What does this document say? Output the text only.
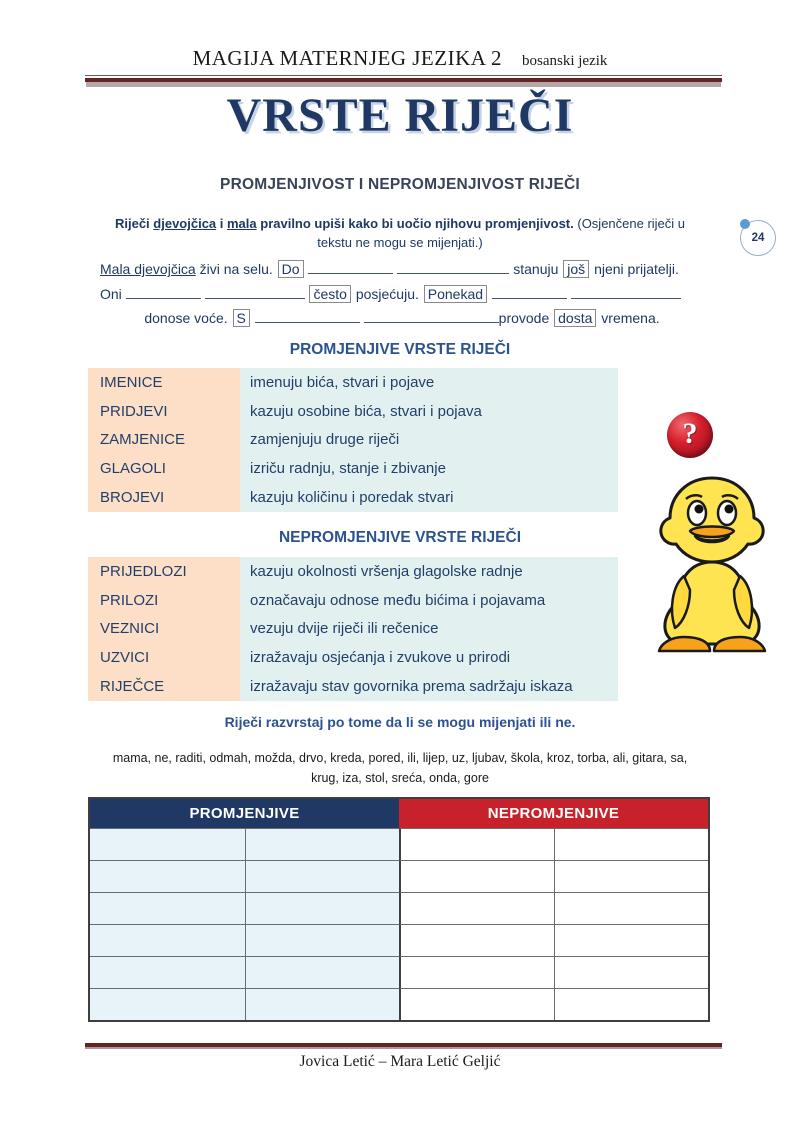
MAGIJA MATERNJEG JEZIKA 2 bosanski jezik
VRSTE RIJEČI
PROMJENJIVOST I NEPROMJENJIVOST RIJEČI
24
Riječi djevojčica i mala pravilno upiši kako bi uočio njihovu promjenjivost. (Osjenčene riječi u tekstu ne mogu se mijenjati.)
Mala djevojčica živi na selu. Do	stanuju još njeni prijatelji.
Oni	često posjećuju. Ponekad
donose voće. S	provode dosta vremena.
PROMJENJIVE VRSTE RIJEČI
IMENICE	imenuju bića, stvari i pojave
PRIDJEVI	kazuju osobine bića, stvari i pojava
ZAMJENICE	zamjenjuju druge riječi
GLAGOLI	izriču radnju, stanje i zbivanje
BROJEVI	kazuju količinu i poredak stvari
?
NEPROMJENJIVE VRSTE RIJEČI
PRIJEDLOZI	kazuju okolnosti vršenja glagolske radnje
PRILOZI	označavaju odnose među bićima i pojavama
VEZNICI	vezuju dvije riječi ili rečenice
UZVICI	izražavaju osjećanja i zvukove u prirodi
RIJEČCE	izražavaju stav govornika prema sadržaju iskaza
Riječi razvrstaj po tome da li se mogu mijenjati ili ne.
mama, ne, raditi, odmah, možda, drvo, kreda, pored, ili, lijep, uz, ljubav, škola, kroz, torba, ali, gitara, sa,
krug, iza, stol, sreća, onda, gore
PROMJENJIVE	NEPROMJENJIVE
Jovica Letić – Mara Letić Geljić
